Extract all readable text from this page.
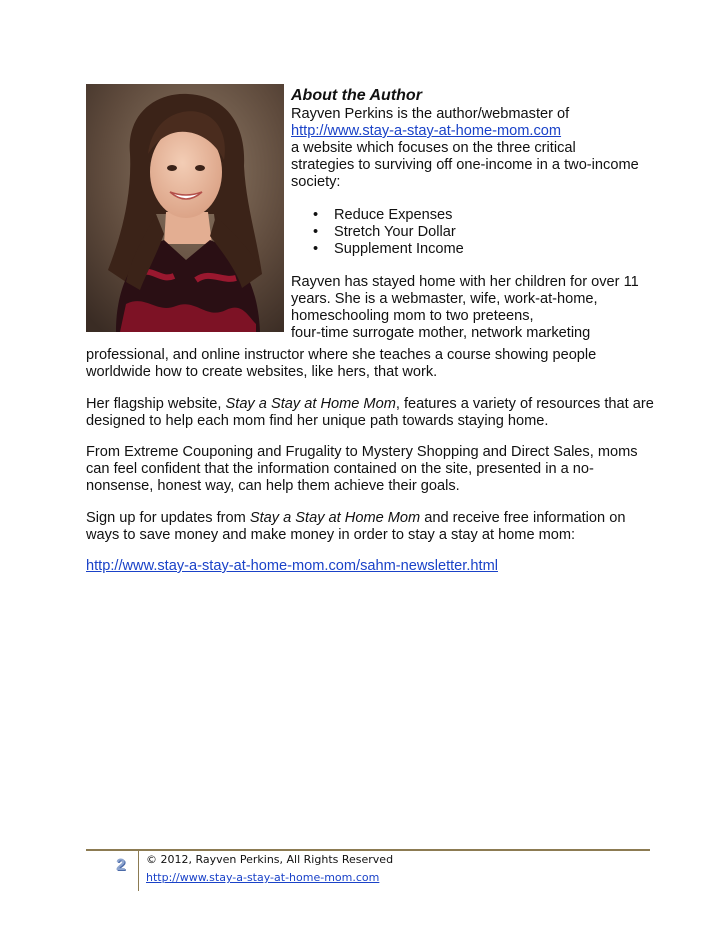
About the Author

Rayven Perkins is the author/webmaster of

http://www.stay-a-stay-at-home-mom.com

a website which focuses on the three critical

strategies to surviving off one-income in a two-income

society:

• Reduce Expenses
• Stretch Your Dollar
• Supplement Income

Rayven has stayed home with her children for over 11

years. She is a webmaster, wife, work-at-home,

homeschooling mom to two preteens,

four-time surrogate mother, network marketing

professional, and online instructor where she teaches a course showing people

worldwide how to create websites, like hers, that work.

Her flagship website, Stay a Stay at Home Mom, features a variety of resources that are

designed to help each mom find her unique path towards staying home.

From Extreme Couponing and Frugality to Mystery Shopping and Direct Sales, moms

can feel confident that the information contained on the site, presented in a no-

nonsense, honest way, can help them achieve their goals.

Sign up for updates from Stay a Stay at Home Mom and receive free information on

ways to save money and make money in order to stay a stay at home mom:

http://www.stay-a-stay-at-home-mom.com/sahm-newsletter.html

2 © 2012, Rayven Perkins, All Rights Reserved
http://www.stay-a-stay-at-home-mom.com
